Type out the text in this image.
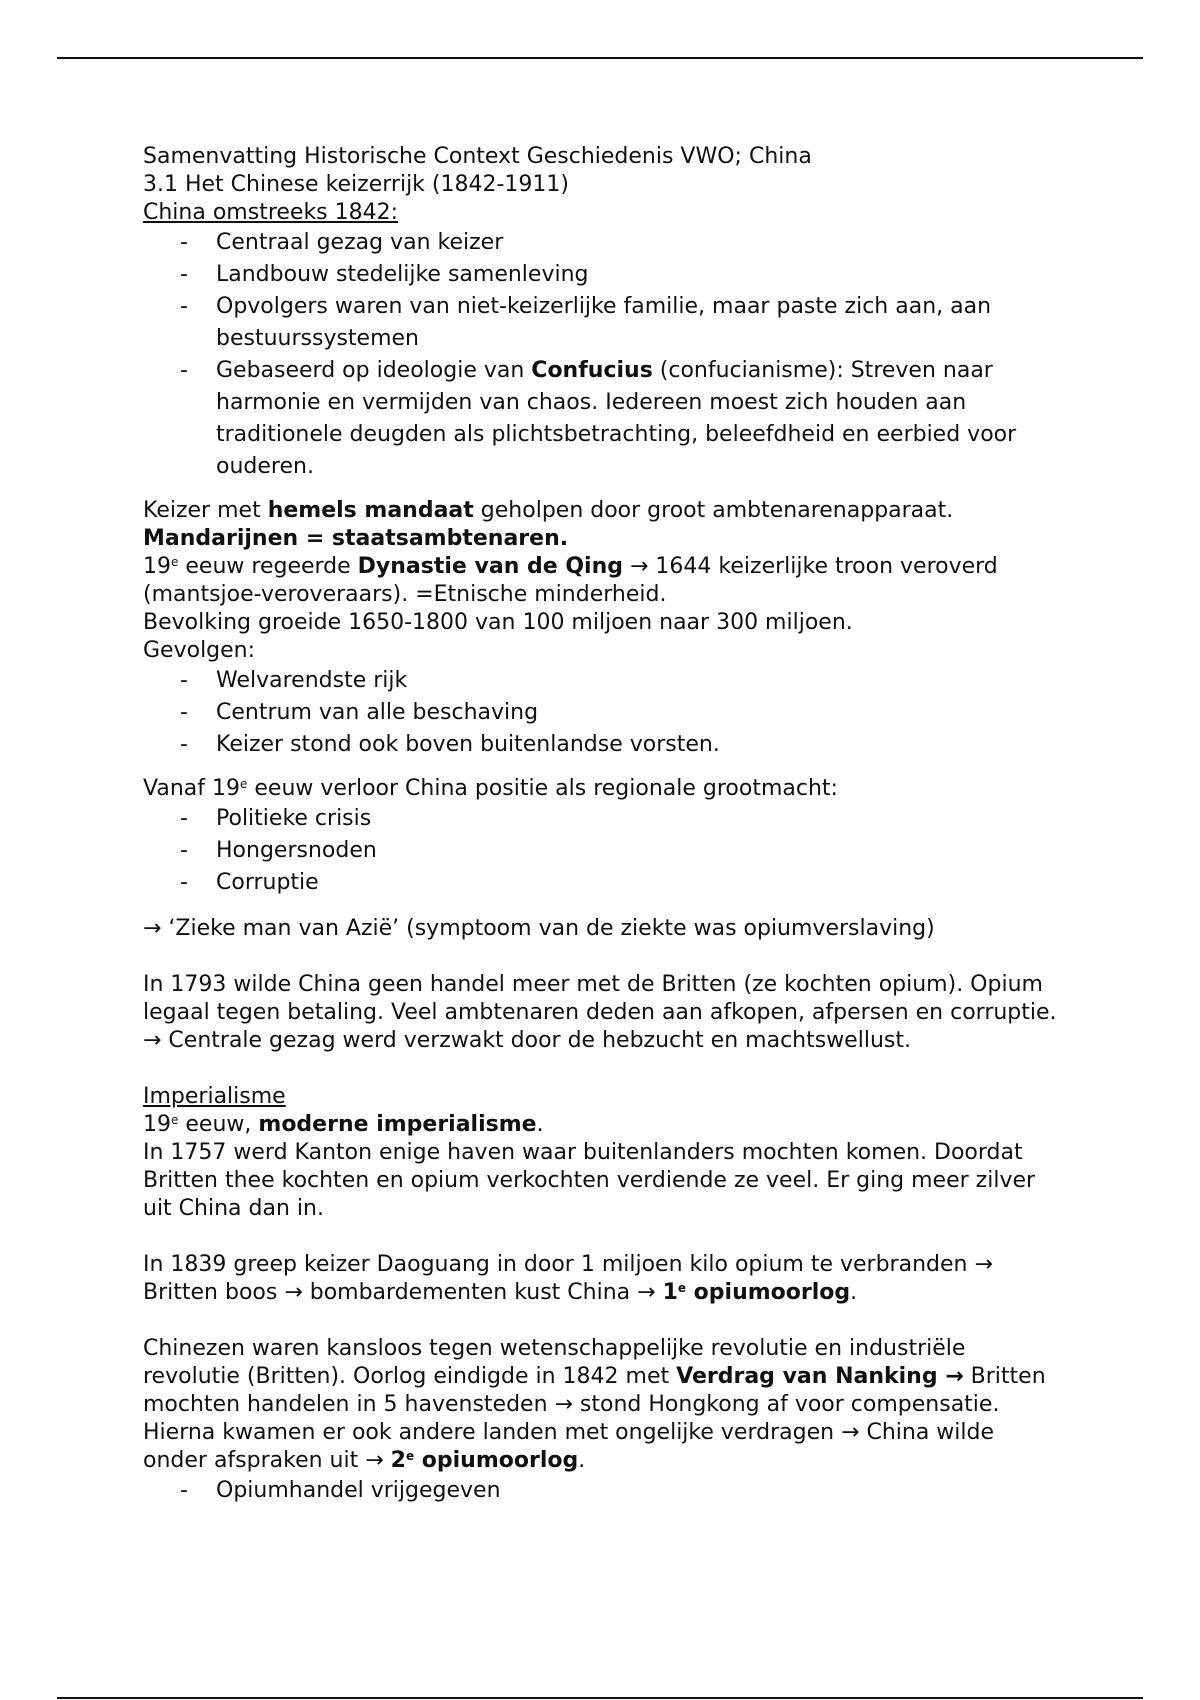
Samenvatting Historische Context Geschiedenis VWO; China

3.1 Het Chinese keizerrijk (1842-1911)

China omstreeks 1842:

- Centraal gezag van keizer
- Landbouw stedelijke samenleving
- Opvolgers waren van niet-keizerlijke familie, maar paste zich aan, aan bestuurssystemen
- Gebaseerd op ideologie van Confucius (confucianisme): Streven naar harmonie en vermijden van chaos. Iedereen moest zich houden aan traditionele deugden als plichtsbetrachting, beleefdheid en eerbied voor ouderen.

Keizer met hemels mandaat geholpen door groot ambtenarenapparaat.

Mandarijnen = staatsambtenaren.

19e eeuw regeerde Dynastie van de Qing → 1644 keizerlijke troon veroverd (mantsjoe-veroveraars). =Etnische minderheid.

Bevolking groeide 1650-1800 van 100 miljoen naar 300 miljoen.

Gevolgen:

- Welvarendste rijk
- Centrum van alle beschaving
- Keizer stond ook boven buitenlandse vorsten.

Vanaf 19e eeuw verloor China positie als regionale grootmacht:

- Politieke crisis
- Hongersnoden
- Corruptie

→ ‘Zieke man van Azië’ (symptoom van de ziekte was opiumverslaving)

In 1793 wilde China geen handel meer met de Britten (ze kochten opium). Opium legaal tegen betaling. Veel ambtenaren deden aan afkopen, afpersen en corruptie. → Centrale gezag werd verzwakt door de hebzucht en machtswellust.

Imperialisme

19e eeuw, moderne imperialisme.

In 1757 werd Kanton enige haven waar buitenlanders mochten komen. Doordat Britten thee kochten en opium verkochten verdiende ze veel. Er ging meer zilver uit China dan in.

In 1839 greep keizer Daoguang in door 1 miljoen kilo opium te verbranden → Britten boos → bombardementen kust China → $1^e$ opiumoorlog.

Chinezen waren kansloos tegen wetenschappelijke revolutie en industriële revolutie (Britten). Oorlog eindigde in 1842 met Verdrag van Nanking → Britten mochten handelen in 5 havensteden → stond Hongkong af voor compensatie. Hierna kwamen er ook andere landen met ongelijke verdragen → China wilde onder afspraken uit → $2^e$ opiumoorlog.

- Opiumhandel vrijgegeven
